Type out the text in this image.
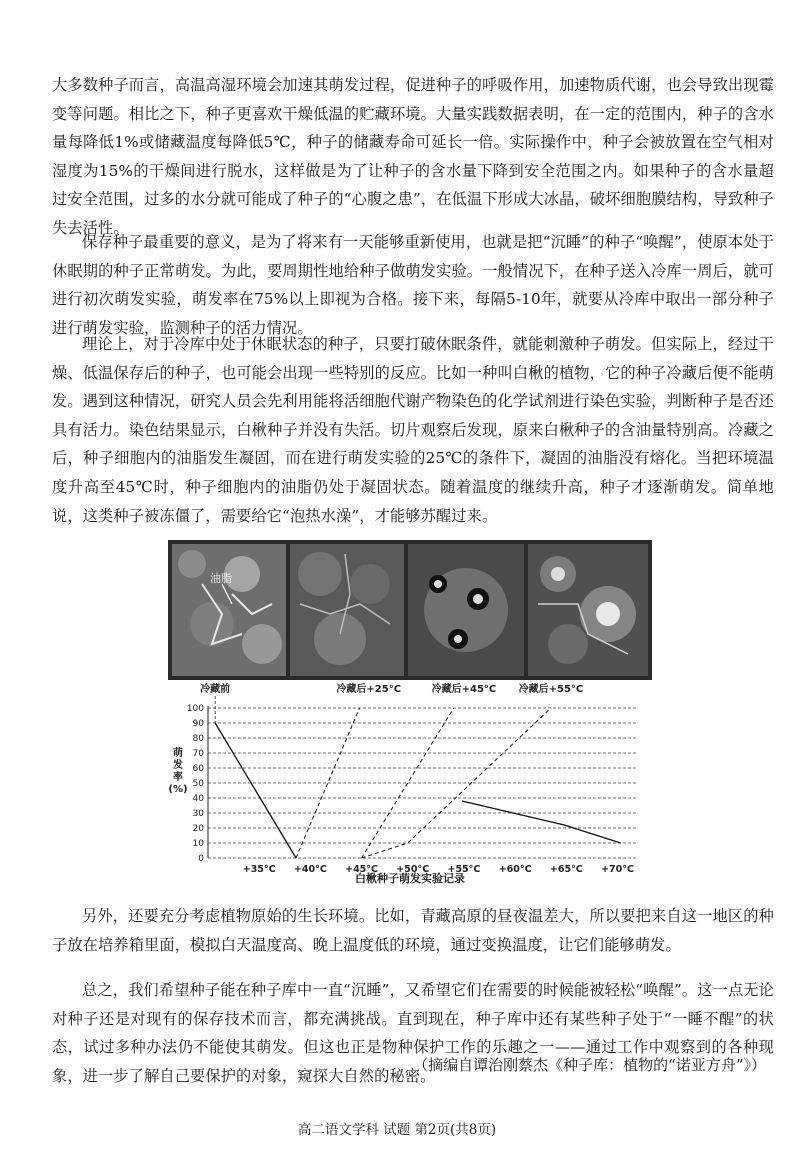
大多数种子而言，高温高湿环境会加速其萌发过程，促进种子的呼吸作用，加速物质代谢，也会导致出现霉变等问题。相比之下，种子更喜欢干燥低温的贮藏环境。大量实践数据表明，在一定的范围内，种子的含水量每降低1%或储藏温度每降低5℃，种子的储藏寿命可延长一倍。实际操作中，种子会被放置在空气相对湿度为15%的干燥间进行脱水，这样做是为了让种子的含水量下降到安全范围之内。如果种子的含水量超过安全范围，过多的水分就可能成了种子的“心腹之患”，在低温下形成大冰晶，破坏细胞膜结构，导致种子失去活性。

保存种子最重要的意义，是为了将来有一天能够重新使用，也就是把“沉睡”的种子“唤醒”，使原本处于休眠期的种子正常萌发。为此，要周期性地给种子做萌发实验。一般情况下，在种子送入冷库一周后，就可进行初次萌发实验，萌发率在75%以上即视为合格。接下来，每隔5-10年，就要从冷库中取出一部分种子进行萌发实验，监测种子的活力情况。

理论上，对于冷库中处于休眠状态的种子，只要打破休眠条件，就能刺激种子萌发。但实际上，经过干燥、低温保存后的种子，也可能会出现一些特别的反应。比如一种叫白楸的植物，它的种子冷藏后便不能萌发。遇到这种情况，研究人员会先利用能将活细胞代谢产物染色的化学试剂进行染色实验，判断种子是否还具有活力。染色结果显示，白楸种子并没有失活。切片观察后发现，原来白楸种子的含油量特别高。冷藏之后，种子细胞内的油脂发生凝固，而在进行萌发实验的25℃的条件下，凝固的油脂没有熔化。当把环境温度升高至45℃时，种子细胞内的油脂仍处于凝固状态。随着温度的继续升高，种子才逐渐萌发。简单地说，这类种子被冻僵了，需要给它“泡热水澡”，才能够苏醒过来。

油脂
0
10
20
30
40
50
60
70
80
90
100
萌
发
率
(%)
+35°C +40°C +45°C +50°C +55°C +60°C +65°C +70°C
冷藏前	冷藏后+25°C	冷藏后+45°C 冷藏后+55°C
白楸种子萌发实验记录

另外，还要充分考虑植物原始的生长环境。比如，青藏高原的昼夜温差大，所以要把来自这一地区的种子放在培养箱里面，模拟白天温度高、晚上温度低的环境，通过变换温度，让它们能够萌发。

总之，我们希望种子能在种子库中一直“沉睡”，又希望它们在需要的时候能被轻松“唤醒”。这一点无论对种子还是对现有的保存技术而言，都充满挑战。直到现在，种子库中还有某些种子处于“一睡不醒”的状态，试过多种办法仍不能使其萌发。但这也正是物种保护工作的乐趣之一——通过工作中观察到的各种现象，进一步了解自己要保护的对象，窥探大自然的秘密。

（摘编自谭治刚蔡杰《种子库：植物的“诺亚方舟”》）
高二语文学科 试题 第2页(共8页)
